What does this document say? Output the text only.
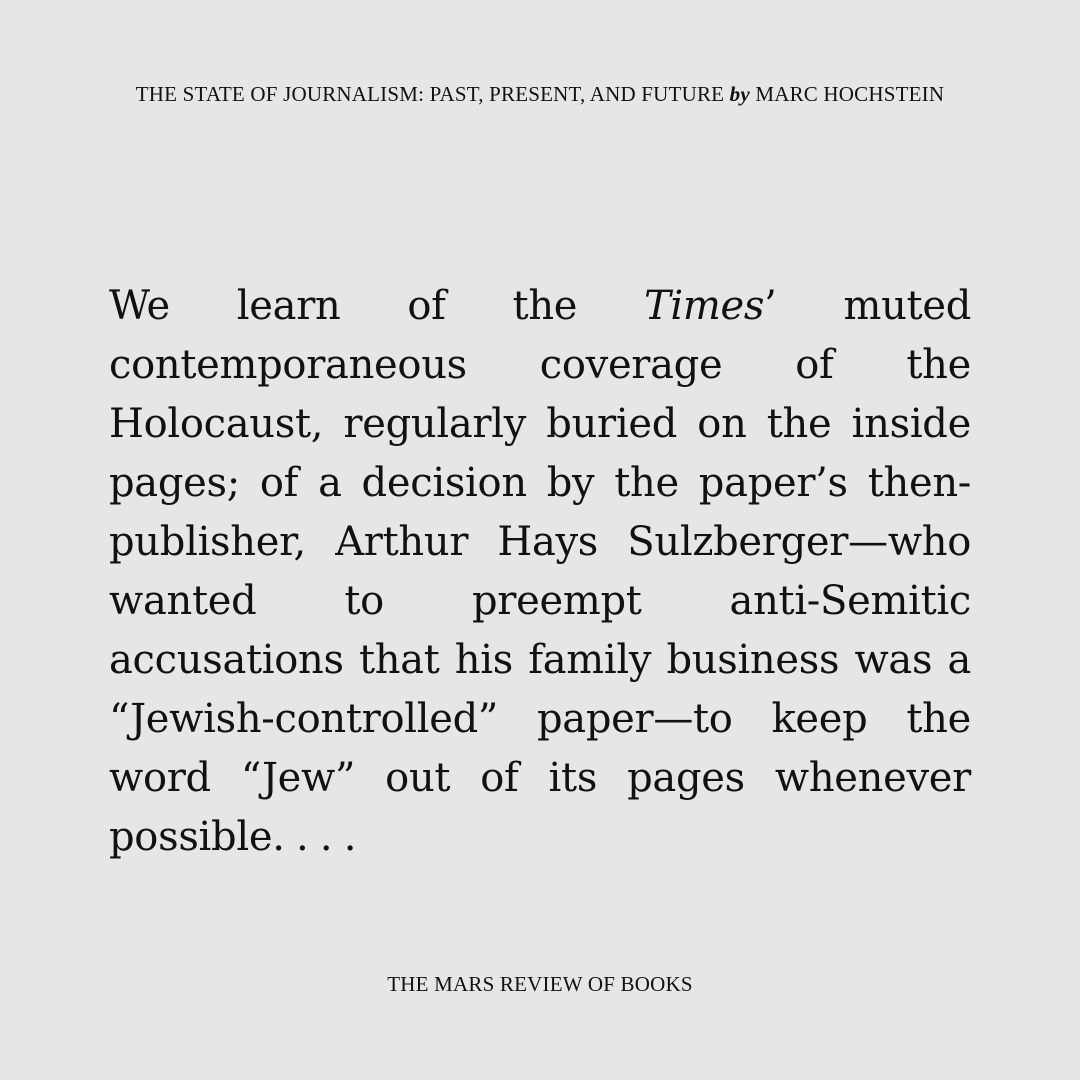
THE STATE OF JOURNALISM: PAST, PRESENT, AND FUTURE by MARC HOCHSTEIN

We learn of the Times’ muted contemporaneous coverage of the Holocaust, regularly buried on the inside pages; of a decision by the paper’s then-publisher, Arthur Hays Sulzberger—who wanted to preempt anti-Semitic accusations that his family business was a “Jewish-controlled” paper—to keep the word “Jew” out of its pages whenever possible. . . .

THE MARS REVIEW OF BOOKS
